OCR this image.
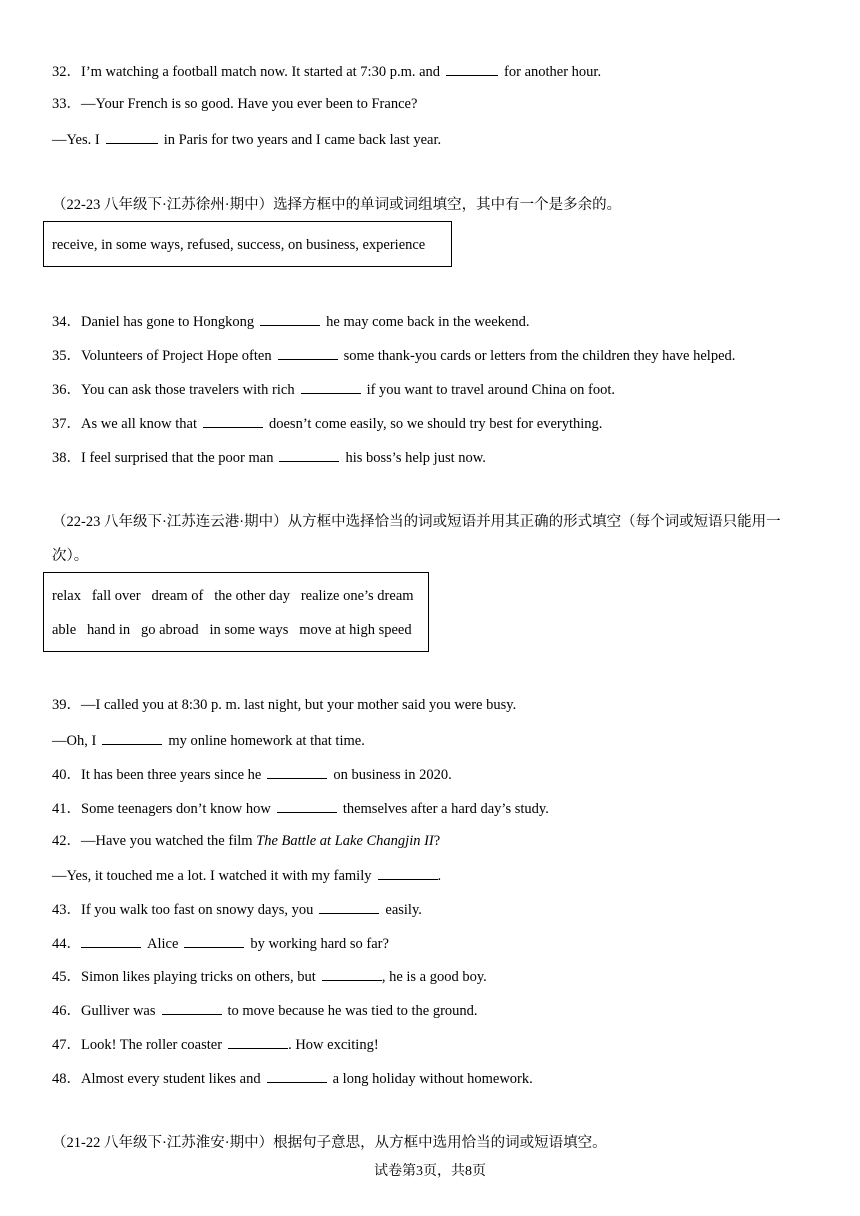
32．I’m watching a football match now. It started at 7:30 p.m. and	for another hour.
33．—Your French is so good. Have you ever been to France?
—Yes. I	in Paris for two years and I came back last year.
（22-23 八年级下·江苏徐州·期中）选择方框中的单词或词组填空，其中有一个是多余的。
receive, in some ways, refused, success, on business, experience
34．Daniel has gone to Hongkong	he may come back in the weekend.
35．Volunteers of Project Hope often	some thank-you cards or letters from the children they have helped.
36．You can ask those travelers with rich	if you want to travel around China on foot.
37．As we all know that	doesn’t come easily, so we should try best for everything.
38．I feel surprised that the poor man	his boss’s help just now.
（22-23 八年级下·江苏连云港·期中）从方框中选择恰当的词或短语并用其正确的形式填空（每个词或短语只能用一
次）。
relax   fall over   dream of   the other day   realize one’s dream
able   hand in   go abroad   in some ways   move at high speed
39．—I called you at 8:30 p. m. last night, but your mother said you were busy.
—Oh, I	my online homework at that time.
40．It has been three years since he	on business in 2020.
41．Some teenagers don’t know how	themselves after a hard day’s study.
42．—Have you watched the film The Battle at Lake Changjin II?
—Yes, it touched me a lot. I watched it with my family	.
43．If you walk too fast on snowy days, you	easily.
44．	Alice	by working hard so far?
45．Simon likes playing tricks on others, but	, he is a good boy.
46．Gulliver was	to move because he was tied to the ground.
47．Look! The roller coaster	. How exciting!
48．Almost every student likes and	a long holiday without homework.
（21-22 八年级下·江苏淮安·期中）根据句子意思，从方框中选用恰当的词或短语填空。
试卷第3页，共8页
